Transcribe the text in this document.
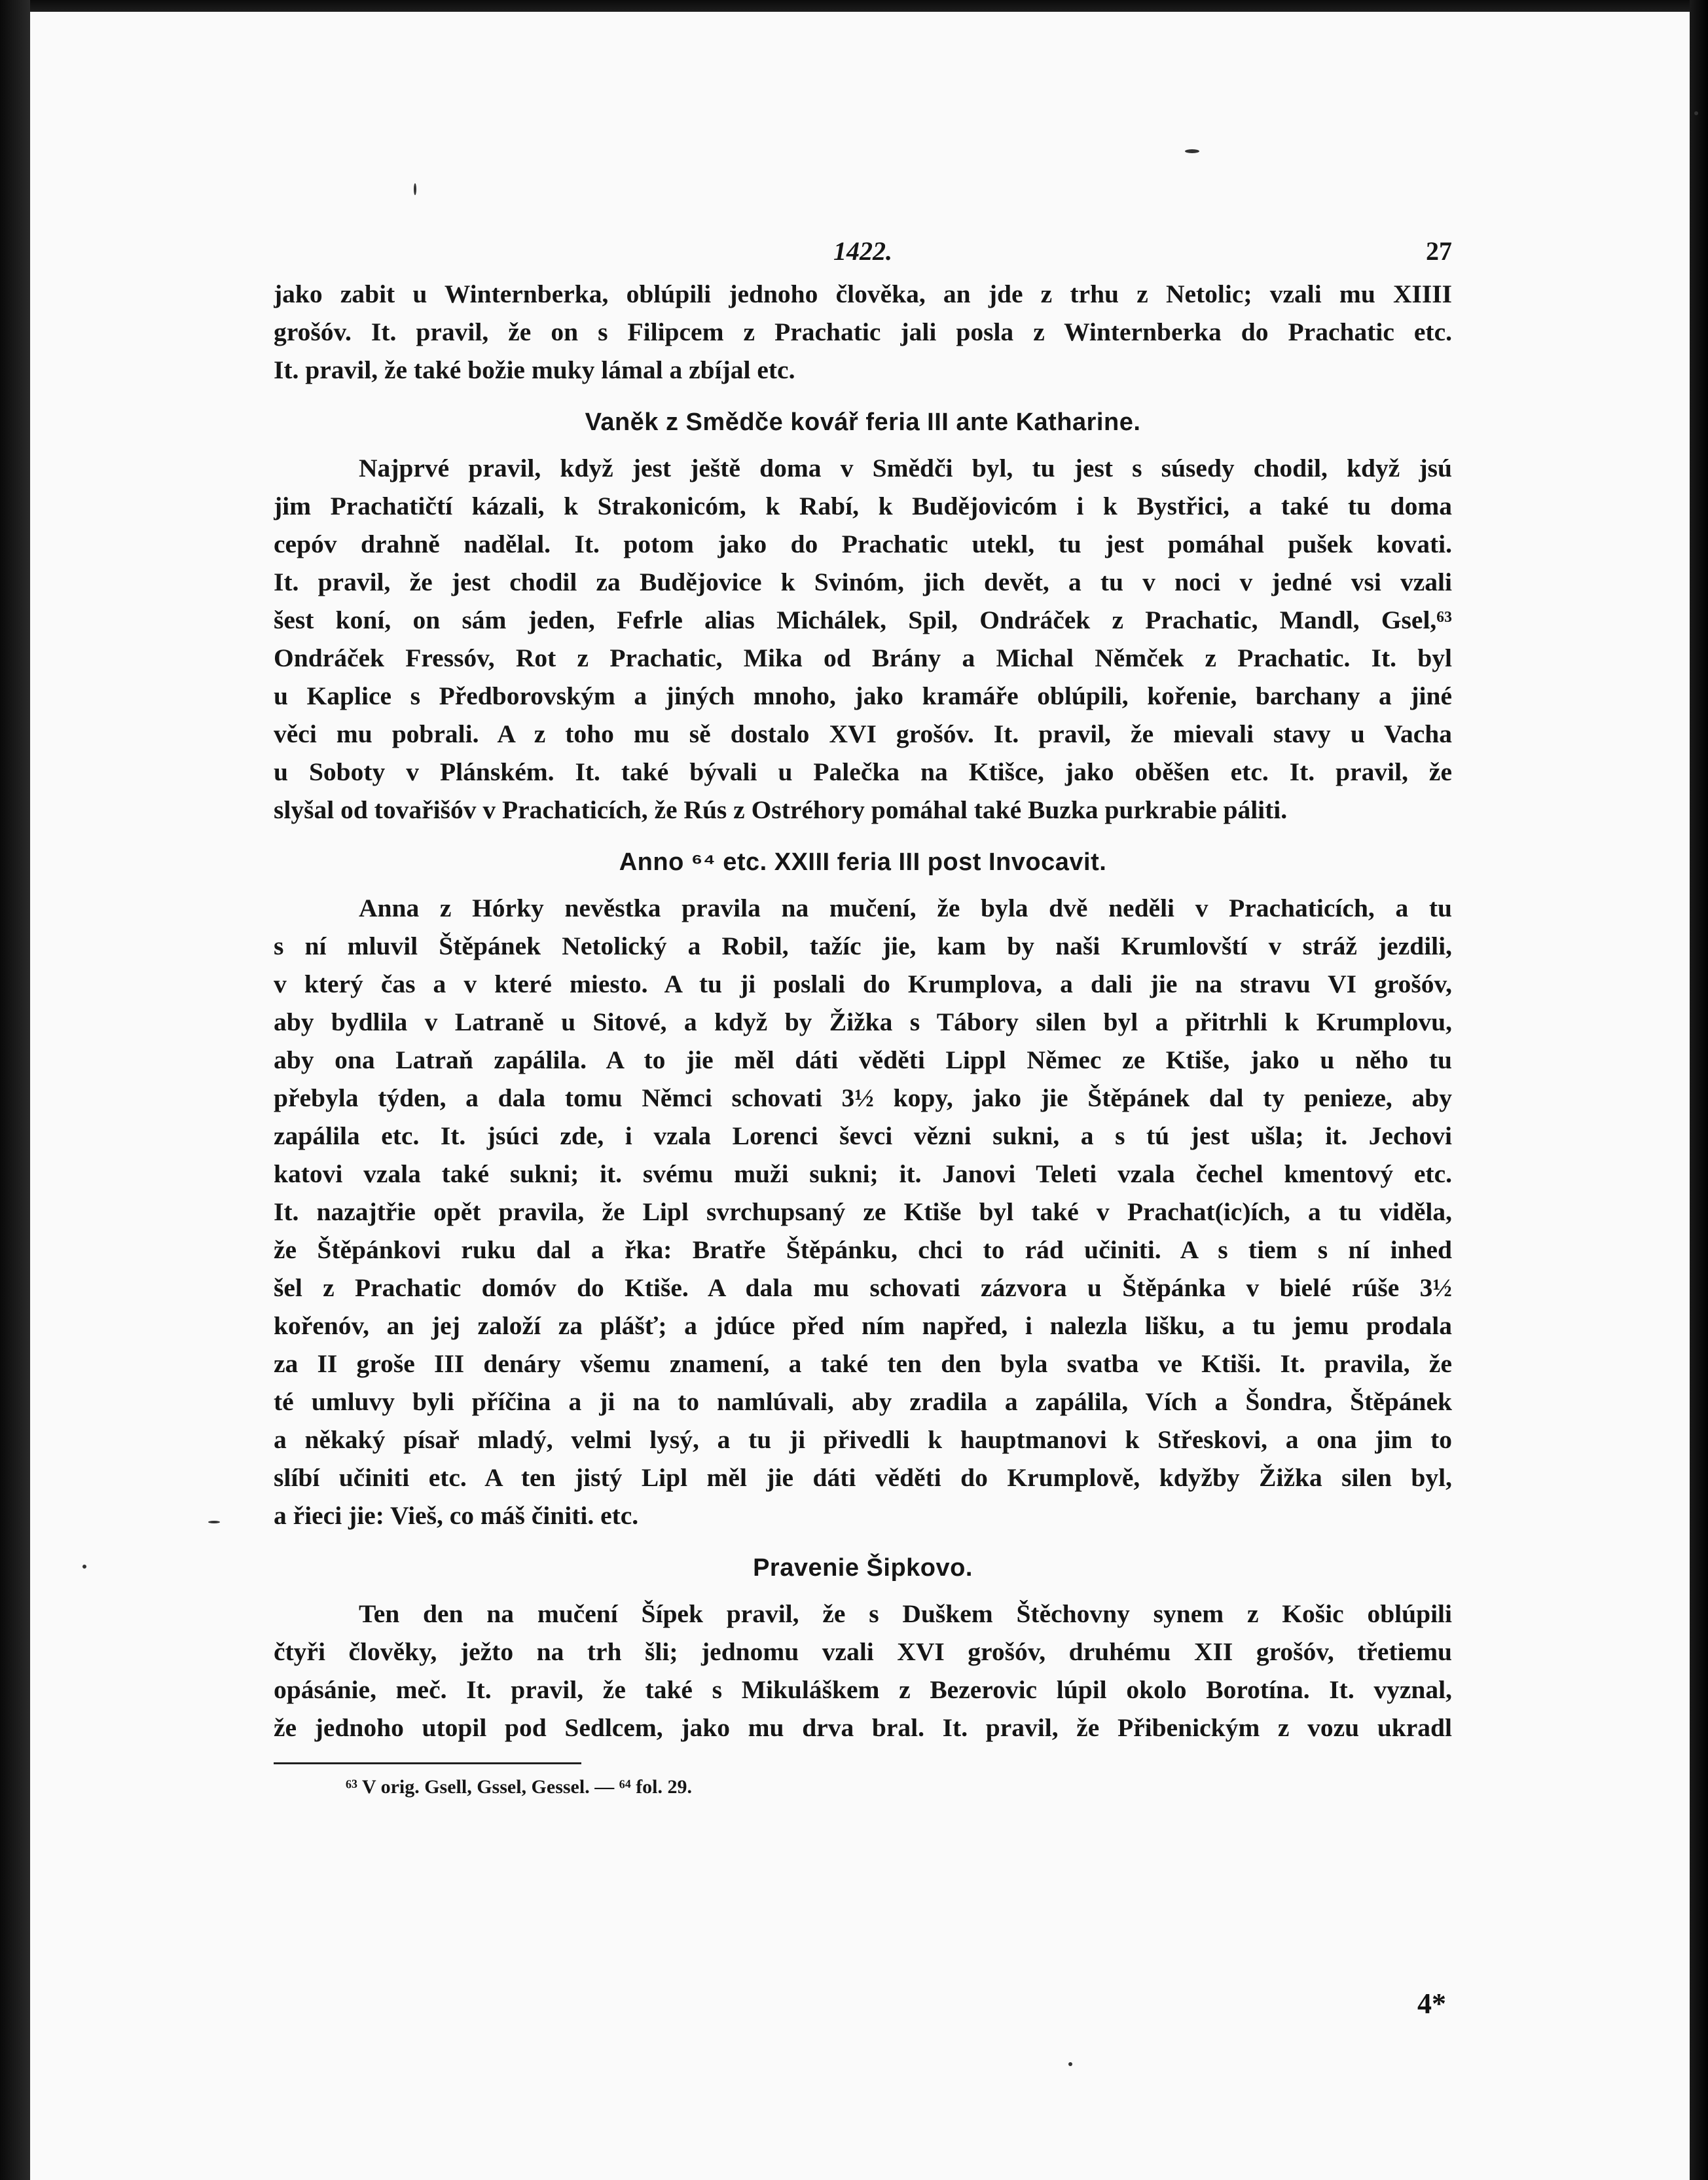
1422.	27

jako zabit u Winternberka, oblúpili jednoho člověka, an jde z trhu z Netolic; vzali mu XIIII
grošóv. It. pravil, že on s Filipcem z Prachatic jali posla z Winternberka do Prachatic etc.
It. pravil, že také božie muky lámal a zbíjal etc.

Vaněk z Smědče kovář feria III ante Katharine.

Najprvé pravil, když jest ještě doma v Smědči byl, tu jest s súsedy chodil, když jsú
jim Prachatičtí kázali, k Strakonicóm, k Rabí, k Budějovicóm i k Bystřici, a také tu doma
cepóv drahně nadělal. It. potom jako do Prachatic utekl, tu jest pomáhal pušek kovati.
It. pravil, že jest chodil za Budějovice k Svinóm, jich devět, a tu v noci v jedné vsi vzali
šest koní, on sám jeden, Fefrle alias Michálek, Spil, Ondráček z Prachatic, Mandl, Gsel,⁶³
Ondráček Fressóv, Rot z Prachatic, Mika od Brány a Michal Němček z Prachatic. It. byl
u Kaplice s Předborovským a jiných mnoho, jako kramáře oblúpili, kořenie, barchany a jiné
věci mu pobrali. A z toho mu sě dostalo XVI grošóv. It. pravil, že mievali stavy u Vacha
u Soboty v Plánském. It. také bývali u Palečka na Ktišce, jako oběšen etc. It. pravil, že
slyšal od tovařišóv v Prachaticích, že Rús z Ostréhory pomáhal také Buzka purkrabie páliti.

Anno ⁶⁴ etc. XXIII feria III post Invocavit.

Anna z Hórky nevěstka pravila na mučení, že byla dvě neděli v Prachaticích, a tu
s ní mluvil Štěpánek Netolický a Robil, tažíc jie, kam by naši Krumlovští v stráž jezdili,
v který čas a v které miesto. A tu ji poslali do Krumplova, a dali jie na stravu VI grošóv,
aby bydlila v Latraně u Sitové, a když by Žižka s Tábory silen byl a přitrhli k Krumplovu,
aby ona Latraň zapálila. A to jie měl dáti věděti Lippl Němec ze Ktiše, jako u něho tu
přebyla týden, a dala tomu Němci schovati 3½ kopy, jako jie Štěpánek dal ty penieze, aby
zapálila etc. It. jsúci zde, i vzala Lorenci ševci vězni sukni, a s tú jest ušla; it. Jechovi
katovi vzala také sukni; it. svému muži sukni; it. Janovi Teleti vzala čechel kmentový etc.
It. nazajtřie opět pravila, že Lipl svrchupsaný ze Ktiše byl také v Prachat(ic)ích, a tu viděla,
že Štěpánkovi ruku dal a řka: Bratře Štěpánku, chci to rád učiniti. A s tiem s ní inhed
šel z Prachatic domóv do Ktiše. A dala mu schovati zázvora u Štěpánka v bielé rúše 3½
kořenóv, an jej založí za plášť; a jdúce před ním napřed, i nalezla lišku, a tu jemu prodala
za II groše III denáry všemu znamení, a také ten den byla svatba ve Ktiši. It. pravila, že
té umluvy byli příčina a ji na to namlúvali, aby zradila a zapálila, Vích a Šondra, Štěpánek
a někaký písař mladý, velmi lysý, a tu ji přivedli k hauptmanovi k Střeskovi, a ona jim to
slíbí učiniti etc. A ten jistý Lipl měl jie dáti věděti do Krumplově, kdyžby Žižka silen byl,
a řieci jie: Vieš, co máš činiti. etc.

Pravenie Šipkovo.

Ten den na mučení Šípek pravil, že s Duškem Štěchovny synem z Košic oblúpili
čtyři člověky, ježto na trh šli; jednomu vzali XVI grošóv, druhému XII grošóv, třetiemu
opásánie, meč. It. pravil, že také s Mikuláškem z Bezerovic lúpil okolo Borotína. It. vyznal,
že jednoho utopil pod Sedlcem, jako mu drva bral. It. pravil, že Přibenickým z vozu ukradl

⁶³ V orig. Gsell, Gssel, Gessel. — ⁶⁴ fol. 29.
4*
